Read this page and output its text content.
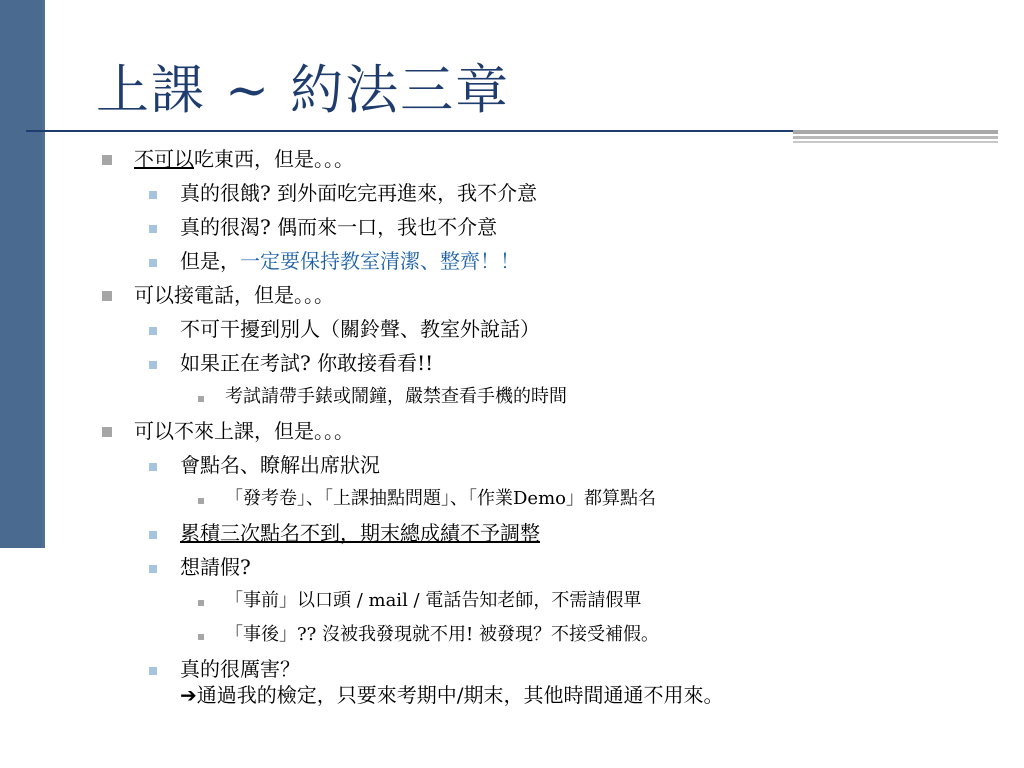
上課 ~ 約法三章
不可以吃東西，但是。。。
真的很餓? 到外面吃完再進來，我不介意
真的很渴? 偶而來一口，我也不介意
但是，一定要保持教室清潔、整齊！！
可以接電話，但是。。。
不可干擾到別人（關鈴聲、教室外說話）
如果正在考試? 你敢接看看!!
考試請帶手錶或鬧鐘，嚴禁查看手機的時間
可以不來上課，但是。。。
會點名、瞭解出席狀況
「發考卷」、「上課抽點問題」、「作業Demo」都算點名
累積三次點名不到，期末總成績不予調整
想請假?
「事前」以口頭 / mail / 電話告知老師，不需請假單
「事後」?? 沒被我發現就不用! 被發現？不接受補假。
真的很厲害？
➔通過我的檢定，只要來考期中/期末，其他時間通通不用來。
